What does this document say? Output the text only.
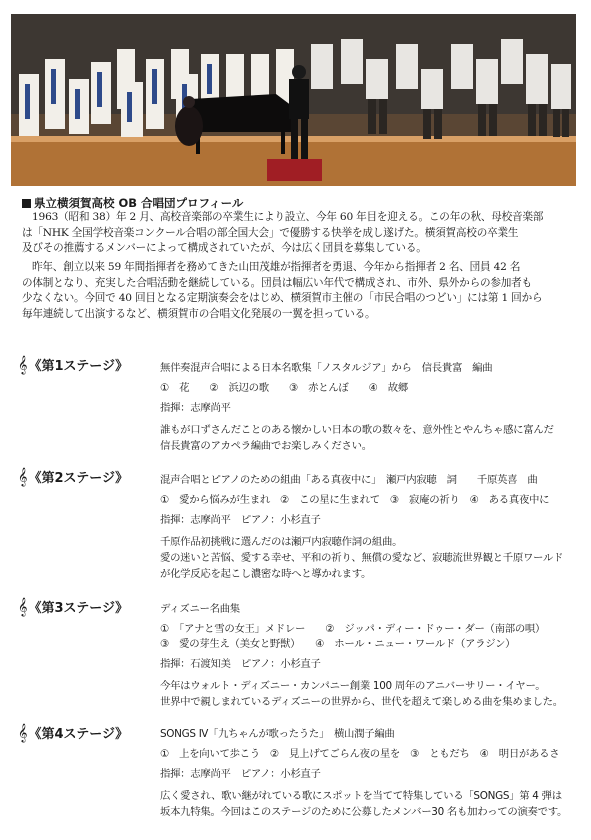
県立横須賀高校 OB 合唱団プロフィール

1963（昭和 38）年 2 月、高校音楽部の卒業生により設立、今年 60 年目を迎える。この年の秋、母校音楽部

は「NHK 全国学校音楽コンクール合唱の部全国大会」で優勝する快挙を成し遂げた。横須賀高校の卒業生

及びその推薦するメンバーによって構成されていたが、今は広く団員を募集している。

昨年、創立以来 59 年間指揮者を務めてきた山田茂雄が指揮者を勇退、今年から指揮者 2 名、団員 42 名

の体制となり、充実した合唱活動を継続している。団員は幅広い年代で構成され、市外、県外からの参加者も

少なくない。今回で 40 回目となる定期演奏会をはじめ、横須賀市主催の「市民合唱のつどい」には第 1 回から

毎年連続して出演するなど、横須賀市の合唱文化発展の一翼を担っている。

𝄞《第1ステージ》	無伴奏混声合唱による日本名歌集「ノスタルジア」から　信長貴富　編曲
①　花　　②　浜辺の歌　　③　赤とんぼ　　④　故郷
指揮：志摩尚平
誰もが口ずさんだことのある懐かしい日本の歌の数々を、意外性とやんちゃ感に富んだ
信長貴富のアカペラ編曲でお楽しみください。
𝄞《第2ステージ》	混声合唱とピアノのための組曲「ある真夜中に」　瀬戸内寂聴　詞　　千原英喜　曲
①　愛から悩みが生まれ　②　この星に生まれて　③　寂庵の祈り　④　ある真夜中に
指揮：志摩尚平　ピアノ：小杉直子
千原作品初挑戦に選んだのは瀬戸内寂聴作詞の組曲。
愛の迷いと苦悩、愛する幸せ、平和の祈り、無償の愛など、寂聴流世界観と千原ワールド
が化学反応を起こし濃密な時へと導かれます。
𝄞《第3ステージ》	ディズニー名曲集
①　「アナと雪の女王」メドレー　　②　ジッパ・ディー・ドゥー・ダー（南部の唄）
③　愛の芽生え（美女と野獣）　　④　ホール・ニュー・ワールド（アラジン）
指揮：石渡知美　ピアノ：小杉直子
今年はウォルト・ディズニー・カンパニー創業 100 周年のアニバーサリー・イヤー。
世界中で親しまれているディズニーの世界から、世代を超えて楽しめる曲を集めました。
𝄞《第4ステージ》	SONGS Ⅳ「九ちゃんが歌ったうた」　横山潤子編曲
①　上を向いて歩こう　②　見上げてごらん夜の星を　③　ともだち　④　明日があるさ
指揮：志摩尚平　ピアノ：小杉直子
広く愛され、歌い継がれている歌にスポットを当てて特集している「SONGS」第 4 弾は
坂本九特集。今回はこのステージのために公募したメンバー30 名も加わっての演奏です。
